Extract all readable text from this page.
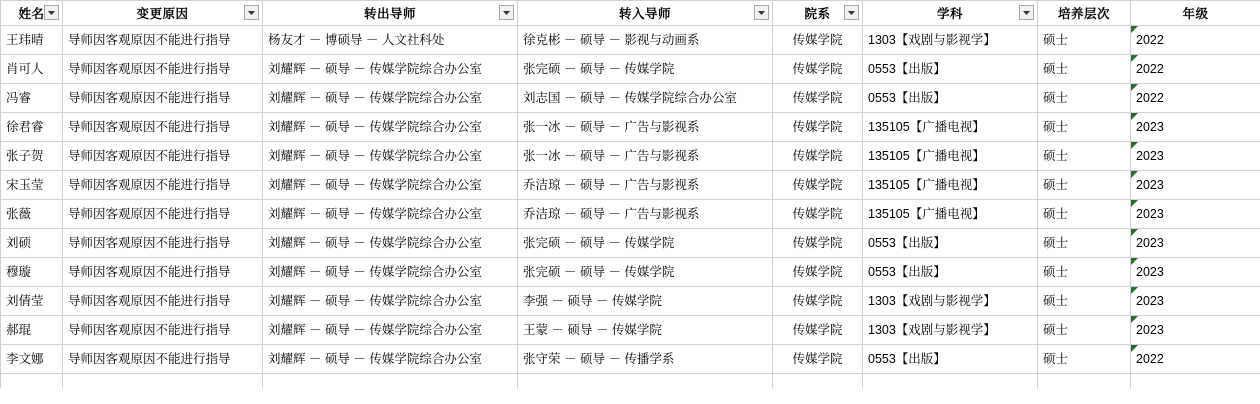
姓名	变更原因	转出导师	转入导师	院系	学科	培养层次	年级

王玮晴	导师因客观原因不能进行指导	杨友才 － 博硕导 － 人文社科处	徐克彬 － 硕导 － 影视与动画系	传媒学院	1303【戏剧与影视学】	硕士	2022

肖可人	导师因客观原因不能进行指导	刘耀辉 － 硕导 － 传媒学院综合办公室	张完硕 － 硕导 － 传媒学院	传媒学院	0553【出版】	硕士	2022

冯睿	导师因客观原因不能进行指导	刘耀辉 － 硕导 － 传媒学院综合办公室	刘志国 － 硕导 － 传媒学院综合办公室	传媒学院	0553【出版】	硕士	2022

徐君睿	导师因客观原因不能进行指导	刘耀辉 － 硕导 － 传媒学院综合办公室	张一冰 － 硕导 － 广告与影视系	传媒学院	135105【广播电视】	硕士	2023

张子贺	导师因客观原因不能进行指导	刘耀辉 － 硕导 － 传媒学院综合办公室	张一冰 － 硕导 － 广告与影视系	传媒学院	135105【广播电视】	硕士	2023

宋玉莹	导师因客观原因不能进行指导	刘耀辉 － 硕导 － 传媒学院综合办公室	乔洁琼 － 硕导 － 广告与影视系	传媒学院	135105【广播电视】	硕士	2023

张薇	导师因客观原因不能进行指导	刘耀辉 － 硕导 － 传媒学院综合办公室	乔洁琼 － 硕导 － 广告与影视系	传媒学院	135105【广播电视】	硕士	2023

刘硕	导师因客观原因不能进行指导	刘耀辉 － 硕导 － 传媒学院综合办公室	张完硕 － 硕导 － 传媒学院	传媒学院	0553【出版】	硕士	2023

穆璇	导师因客观原因不能进行指导	刘耀辉 － 硕导 － 传媒学院综合办公室	张完硕 － 硕导 － 传媒学院	传媒学院	0553【出版】	硕士	2023

刘倩莹	导师因客观原因不能进行指导	刘耀辉 － 硕导 － 传媒学院综合办公室	李强 － 硕导 － 传媒学院	传媒学院	1303【戏剧与影视学】	硕士	2023

郝琨	导师因客观原因不能进行指导	刘耀辉 － 硕导 － 传媒学院综合办公室	王蒙 － 硕导 － 传媒学院	传媒学院	1303【戏剧与影视学】	硕士	2023

李文娜	导师因客观原因不能进行指导	刘耀辉 － 硕导 － 传媒学院综合办公室	张守荣 － 硕导 － 传播学系	传媒学院	0553【出版】	硕士	2022
